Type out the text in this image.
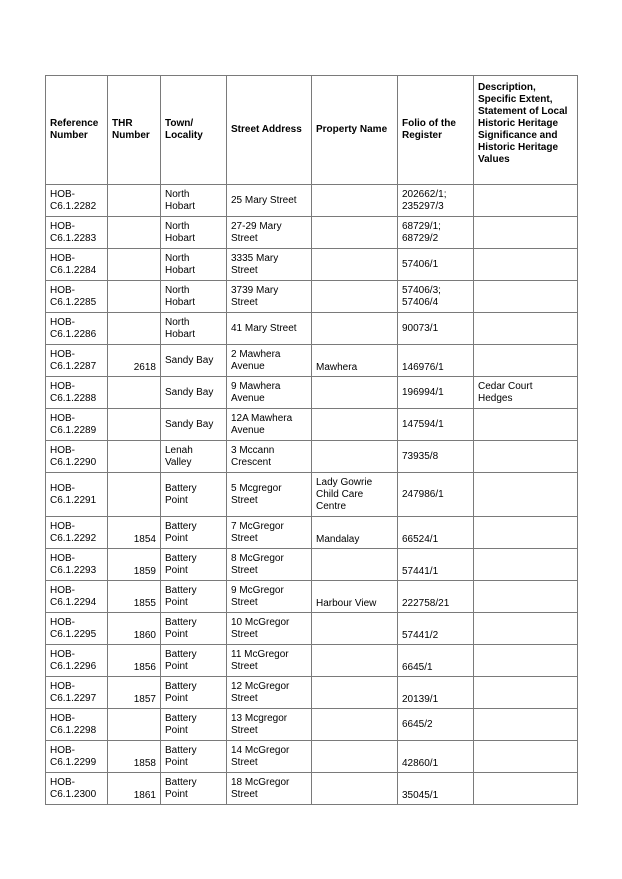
Reference Number	THR Number	Town/ Locality	Street Address	Property Name	Folio of the Register	Description, Specific Extent, Statement of Local Historic Heritage Significance and Historic Heritage Values

HOB-
C6.1.2282		North
Hobart	25 Mary Street		202662/1;
235297/3	

HOB-
C6.1.2283		North
Hobart	27-29 Mary
Street		68729/1;
68729/2	

HOB-
C6.1.2284		North
Hobart	3335 Mary
Street		57406/1	

HOB-
C6.1.2285		North
Hobart	3739 Mary
Street		57406/3;
57406/4	

HOB-
C6.1.2286		North
Hobart	41 Mary Street		90073/1	

HOB-
C6.1.2287	2618	Sandy Bay	2 Mawhera
Avenue	Mawhera	146976/1	

HOB-
C6.1.2288		Sandy Bay	9 Mawhera
Avenue		196994/1	Cedar Court
Hedges

HOB-
C6.1.2289		Sandy Bay	12A Mawhera
Avenue		147594/1	

HOB-
C6.1.2290		Lenah
Valley	3 Mccann
Crescent		73935/8	

HOB-
C6.1.2291		Battery
Point	5 Mcgregor
Street	Lady Gowrie
Child Care
Centre	247986/1	

HOB-
C6.1.2292	1854	Battery
Point	7 McGregor
Street	Mandalay	66524/1	

HOB-
C6.1.2293	1859	Battery
Point	8 McGregor
Street		57441/1	

HOB-
C6.1.2294	1855	Battery
Point	9 McGregor
Street	Harbour View	222758/21	

HOB-
C6.1.2295	1860	Battery
Point	10 McGregor
Street		57441/2	

HOB-
C6.1.2296	1856	Battery
Point	11 McGregor
Street		6645/1	

HOB-
C6.1.2297	1857	Battery
Point	12 McGregor
Street		20139/1	

HOB-
C6.1.2298		Battery
Point	13 Mcgregor
Street		6645/2	

HOB-
C6.1.2299	1858	Battery
Point	14 McGregor
Street		42860/1	

HOB-
C6.1.2300	1861	Battery
Point	18 McGregor
Street		35045/1	
